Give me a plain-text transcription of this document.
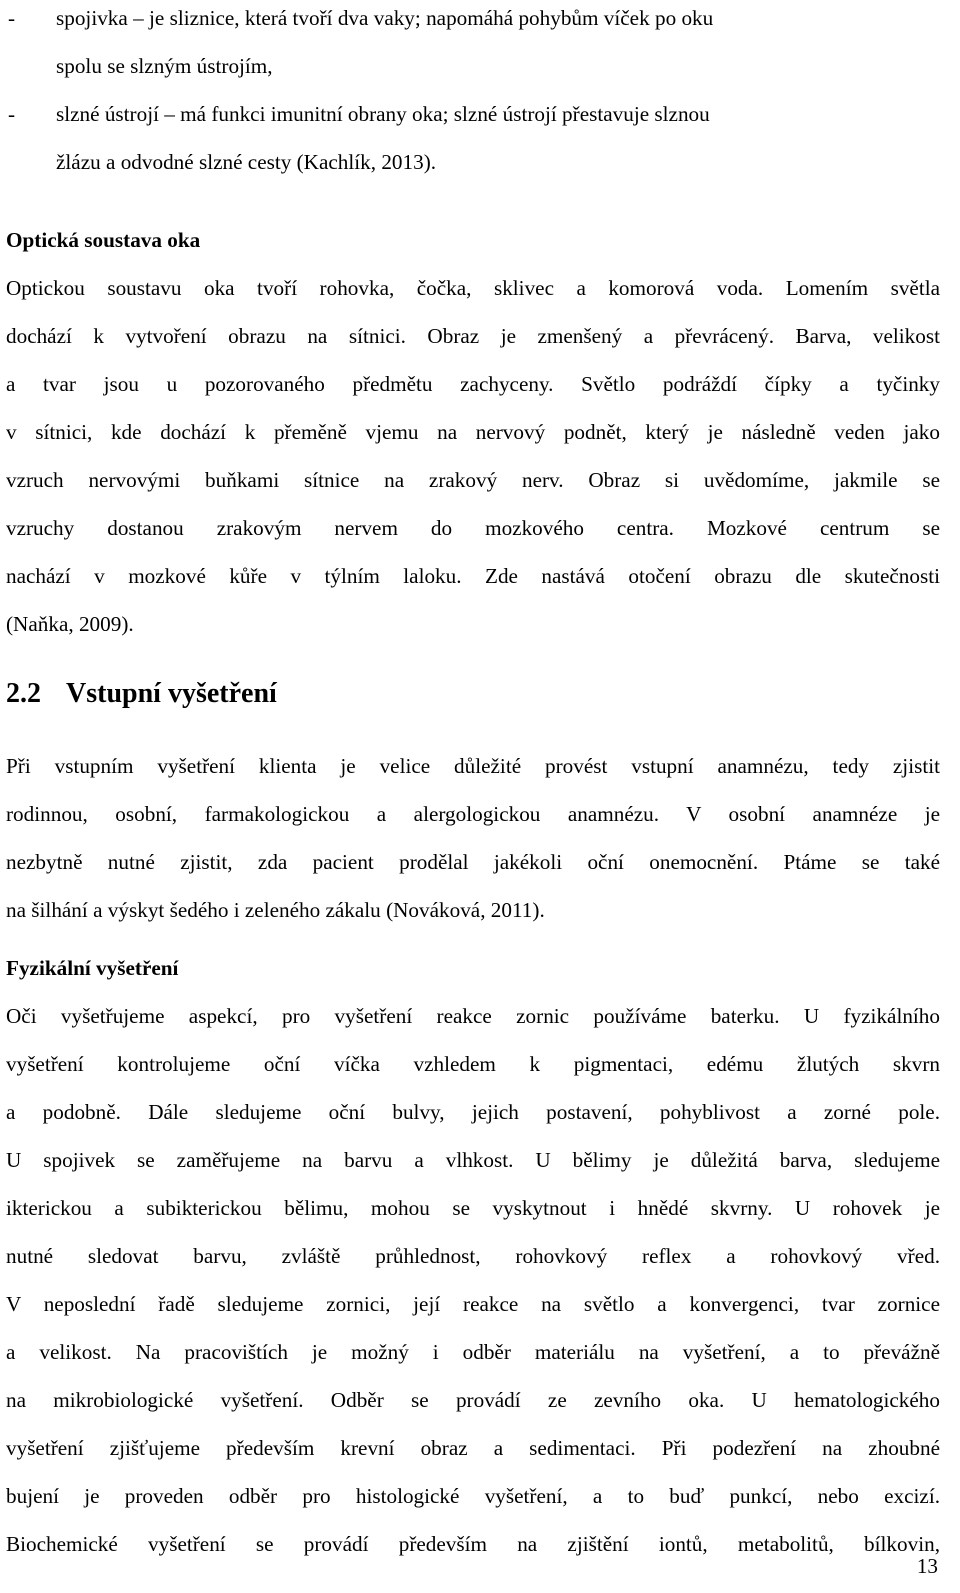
- spojivka – je sliznice, která tvoří dva vaky; napomáhá pohybům víček po oku
spolu se slzným ústrojím,
- slzné ústrojí – má funkci imunitní obrany oka; slzné ústrojí přestavuje slznou
žlázu a odvodné slzné cesty (Kachlík, 2013).
Optická soustava oka
Optickou soustavu oka tvoří rohovka, čočka, sklivec a komorová voda. Lomením světla
dochází k vytvoření obrazu na sítnici. Obraz je zmenšený a převrácený. Barva, velikost
a tvar jsou u pozorovaného předmětu zachyceny. Světlo podráždí čípky a tyčinky
v sítnici, kde dochází k přeměně vjemu na nervový podnět, který je následně veden jako
vzruch nervovými buňkami sítnice na zrakový nerv. Obraz si uvědomíme, jakmile se
vzruchy dostanou zrakovým nervem do mozkového centra. Mozkové centrum se
nachází v mozkové kůře v týlním laloku. Zde nastává otočení obrazu dle skutečnosti
(Naňka, 2009).
2.2 Vstupní vyšetření
Při vstupním vyšetření klienta je velice důležité provést vstupní anamnézu, tedy zjistit
rodinnou, osobní, farmakologickou a alergologickou anamnézu. V osobní anamnéze je
nezbytně nutné zjistit, zda pacient prodělal jakékoli oční onemocnění. Ptáme se také
na šilhání a výskyt šedého i zeleného zákalu (Nováková, 2011).
Fyzikální vyšetření
Oči vyšetřujeme aspekcí, pro vyšetření reakce zornic používáme baterku. U fyzikálního
vyšetření kontrolujeme oční víčka vzhledem k pigmentaci, edému žlutých skvrn
a podobně. Dále sledujeme oční bulvy, jejich postavení, pohyblivost a zorné pole.
U spojivek se zaměřujeme na barvu a vlhkost. U bělimy je důležitá barva, sledujeme
ikterickou a subikterickou bělimu, mohou se vyskytnout i hnědé skvrny. U rohovek je
nutné sledovat barvu, zvláště průhlednost, rohovkový reflex a rohovkový vřed.
V neposlední řadě sledujeme zornici, její reakce na světlo a konvergenci, tvar zornice
a velikost. Na pracovištích je možný i odběr materiálu na vyšetření, a to převážně
na mikrobiologické vyšetření. Odběr se provádí ze zevního oka. U hematologického
vyšetření zjišťujeme především krevní obraz a sedimentaci. Při podezření na zhoubné
bujení je proveden odběr pro histologické vyšetření, a to buď punkcí, nebo excizí.
Biochemické vyšetření se provádí především na zjištění iontů, metabolitů, bílkovin,
13
